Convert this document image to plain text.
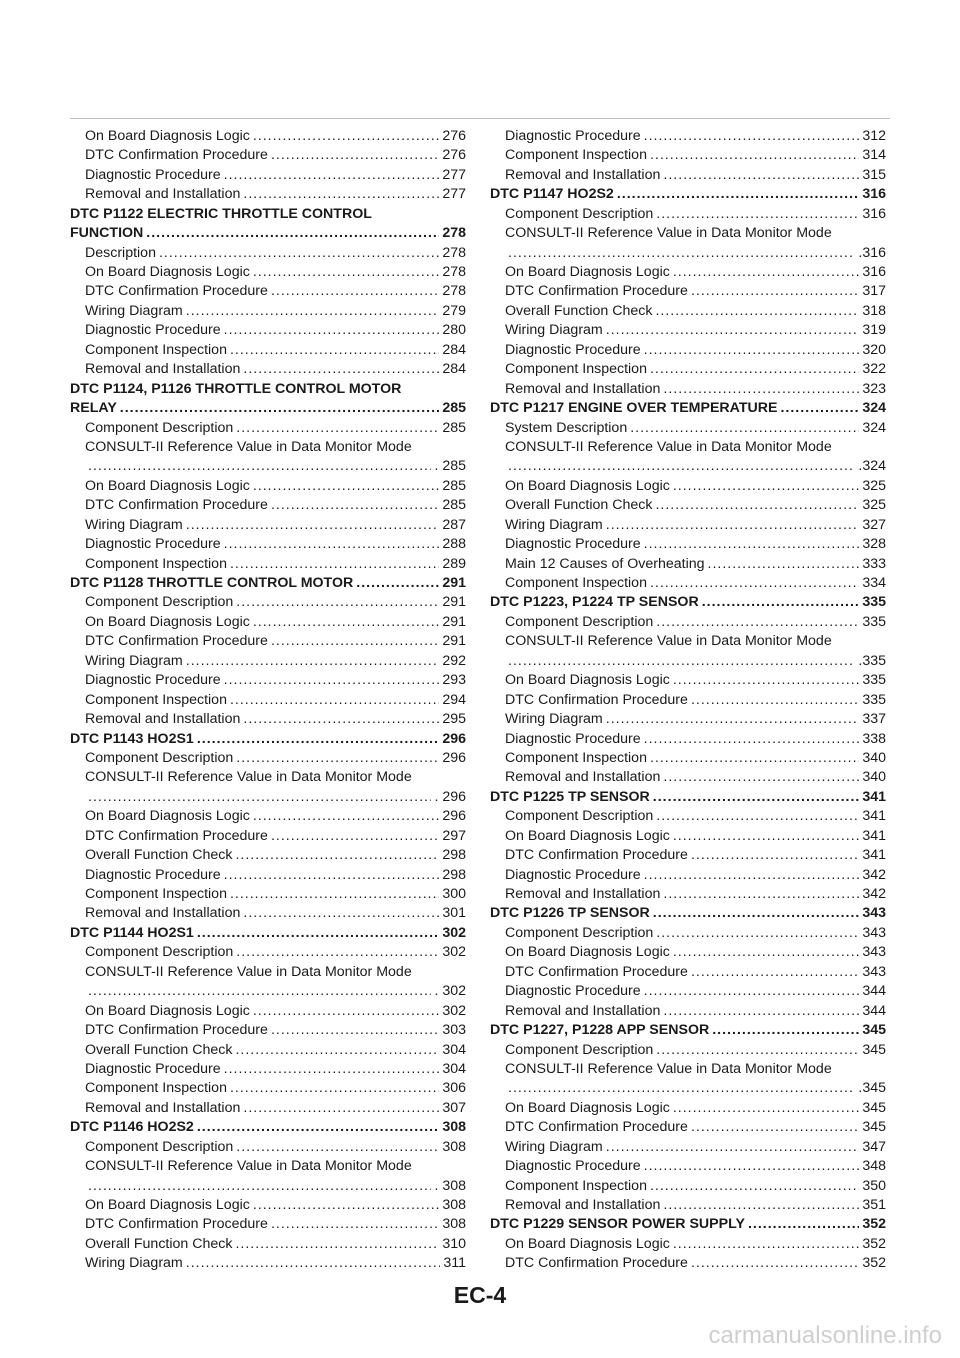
On Board Diagnosis Logic .....	276
DTC Confirmation Procedure .....	276
Diagnostic Procedure .....	277
Removal and Installation .....	277
DTC P1122 ELECTRIC THROTTLE CONTROL
FUNCTION .....	278
Description .....	278
On Board Diagnosis Logic .....	278
DTC Confirmation Procedure .....	278
Wiring Diagram .....	279
Diagnostic Procedure .....	280
Component Inspection .....	284
Removal and Installation .....	284
DTC P1124, P1126 THROTTLE CONTROL MOTOR
RELAY .....	285
Component Description .....	285
CONSULT-II Reference Value in Data Monitor Mode
.....
. 285
On Board Diagnosis Logic .....	285
DTC Confirmation Procedure .....	285
Wiring Diagram .....	287
Diagnostic Procedure .....	288
Component Inspection .....	289
DTC P1128 THROTTLE CONTROL MOTOR .....	291
Component Description .....	291
On Board Diagnosis Logic .....	291
DTC Confirmation Procedure .....	291
Wiring Diagram .....	292
Diagnostic Procedure .....	293
Component Inspection .....	294
Removal and Installation .....	295
DTC P1143 HO2S1 .....	296
Component Description .....	296
CONSULT-II Reference Value in Data Monitor Mode
.....
. 296
On Board Diagnosis Logic .....	296
DTC Confirmation Procedure .....	297
Overall Function Check .....	298
Diagnostic Procedure .....	298
Component Inspection .....	300
Removal and Installation .....	301
DTC P1144 HO2S1 .....	302
Component Description .....	302
CONSULT-II Reference Value in Data Monitor Mode
.....
. 302
On Board Diagnosis Logic .....	302
DTC Confirmation Procedure .....	303
Overall Function Check .....	304
Diagnostic Procedure .....	304
Component Inspection .....	306
Removal and Installation .....	307
DTC P1146 HO2S2 .....	308
Component Description .....	308
CONSULT-II Reference Value in Data Monitor Mode
.....
. 308
On Board Diagnosis Logic .....	308
DTC Confirmation Procedure .....	308
Overall Function Check .....	310
Wiring Diagram .....	311
Diagnostic Procedure .....	312
Component Inspection .....	314
Removal and Installation .....	315
DTC P1147 HO2S2 .....	316
Component Description .....	316
CONSULT-II Reference Value in Data Monitor Mode
.....
.316
On Board Diagnosis Logic .....	316
DTC Confirmation Procedure .....	317
Overall Function Check .....	318
Wiring Diagram .....	319
Diagnostic Procedure .....	320
Component Inspection .....	322
Removal and Installation .....	323
DTC P1217 ENGINE OVER TEMPERATURE .....	324
System Description .....	324
CONSULT-II Reference Value in Data Monitor Mode
.....
.324
On Board Diagnosis Logic .....	325
Overall Function Check .....	325
Wiring Diagram .....	327
Diagnostic Procedure .....	328
Main 12 Causes of Overheating .....	333
Component Inspection .....	334
DTC P1223, P1224 TP SENSOR .....	335
Component Description .....	335
CONSULT-II Reference Value in Data Monitor Mode
.....
.335
On Board Diagnosis Logic .....	335
DTC Confirmation Procedure .....	335
Wiring Diagram .....	337
Diagnostic Procedure .....	338
Component Inspection .....	340
Removal and Installation .....	340
DTC P1225 TP SENSOR .....	341
Component Description .....	341
On Board Diagnosis Logic .....	341
DTC Confirmation Procedure .....	341
Diagnostic Procedure .....	342
Removal and Installation .....	342
DTC P1226 TP SENSOR .....	343
Component Description .....	343
On Board Diagnosis Logic .....	343
DTC Confirmation Procedure .....	343
Diagnostic Procedure .....	344
Removal and Installation .....	344
DTC P1227, P1228 APP SENSOR .....	345
Component Description .....	345
CONSULT-II Reference Value in Data Monitor Mode
.....
.345
On Board Diagnosis Logic .....	345
DTC Confirmation Procedure .....	345
Wiring Diagram .....	347
Diagnostic Procedure .....	348
Component Inspection .....	350
Removal and Installation .....	351
DTC P1229 SENSOR POWER SUPPLY .....	352
On Board Diagnosis Logic .....	352
DTC Confirmation Procedure .....	352
EC-4
carmanualsonline.info
